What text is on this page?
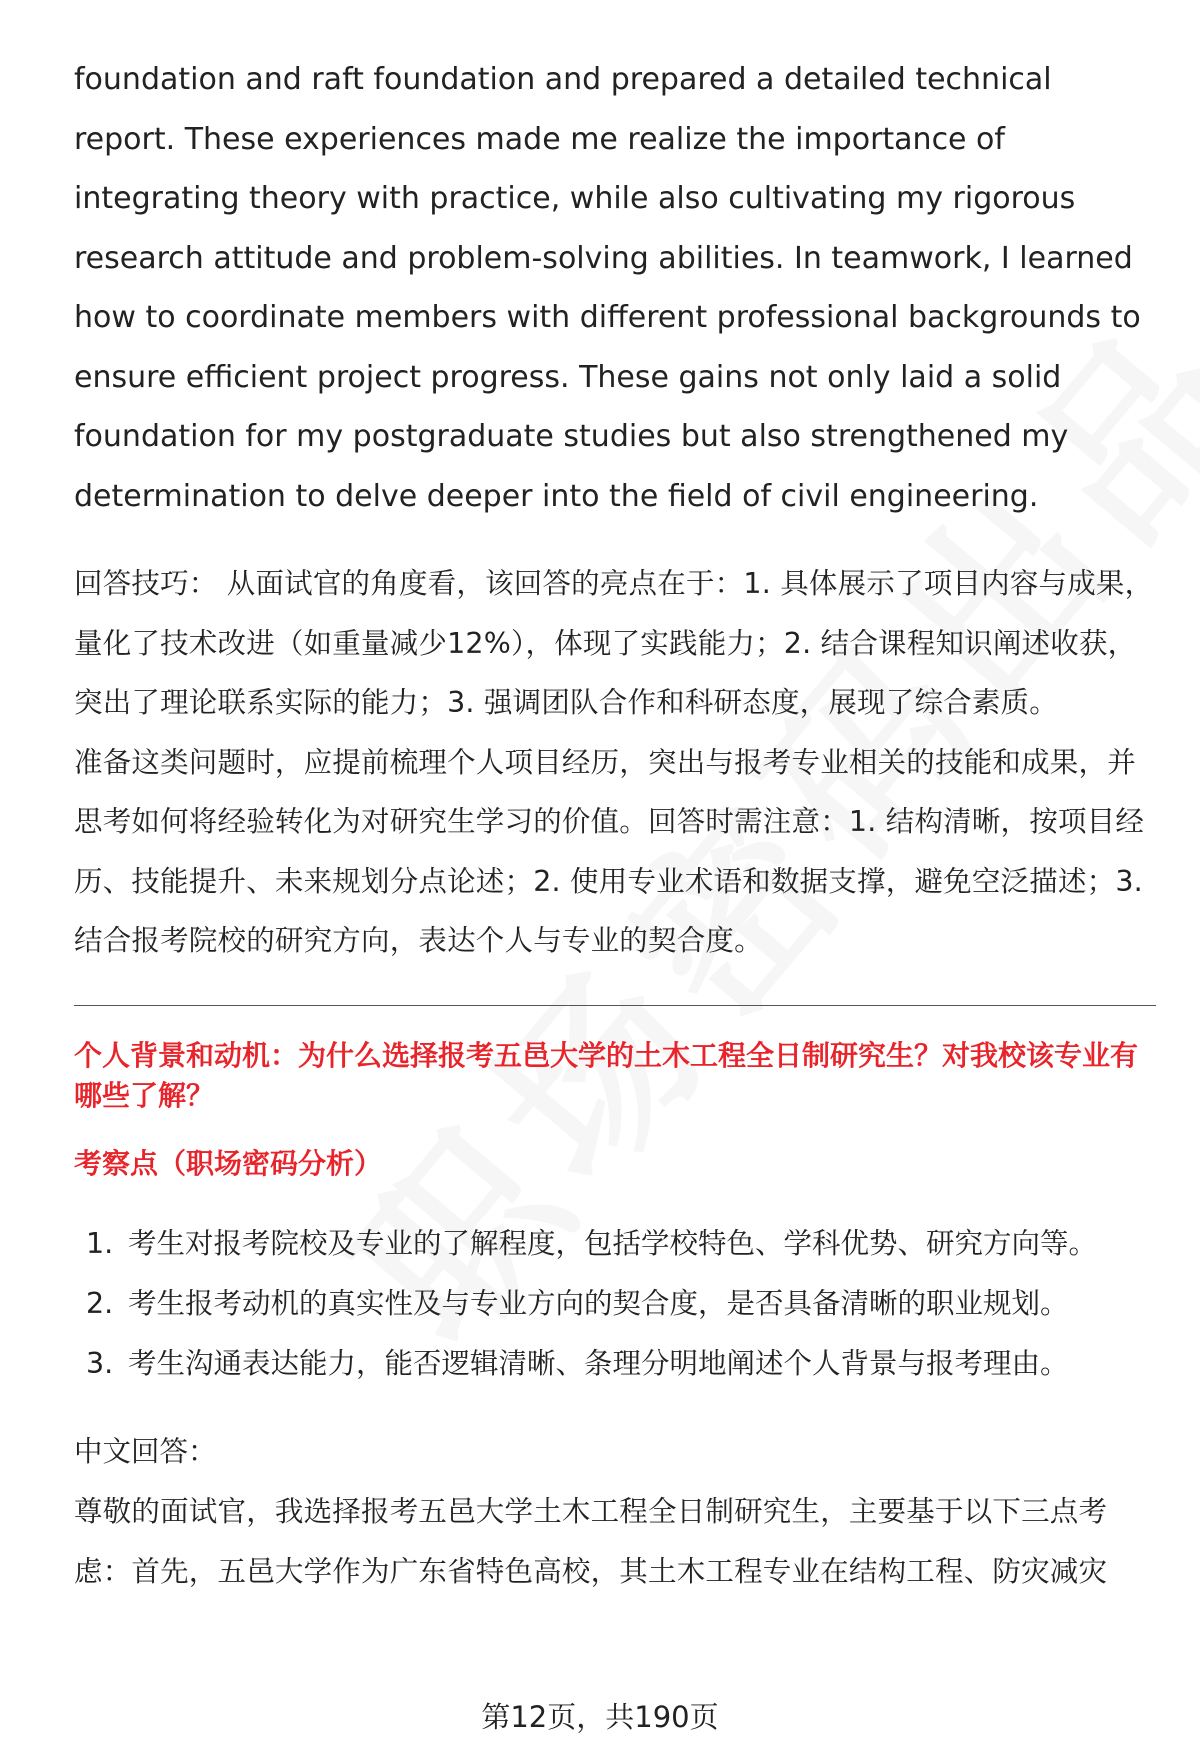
foundation and raft foundation and prepared a detailed technical report. These experiences made me realize the importance of integrating theory with practice, while also cultivating my rigorous research attitude and problem-solving abilities. In teamwork, I learned how to coordinate members with different professional backgrounds to ensure efficient project progress. These gains not only laid a solid foundation for my postgraduate studies but also strengthened my determination to delve deeper into the field of civil engineering.

回答技巧： 从面试官的角度看，该回答的亮点在于：1. 具体展示了项目内容与成果，量化了技术改进（如重量减少12%），体现了实践能力；2. 结合课程知识阐述收获，突出了理论联系实际的能力；3. 强调团队合作和科研态度，展现了综合素质。

准备这类问题时，应提前梳理个人项目经历，突出与报考专业相关的技能和成果，并思考如何将经验转化为对研究生学习的价值。回答时需注意：1. 结构清晰，按项目经历、技能提升、未来规划分点论述；2. 使用专业术语和数据支撑，避免空泛描述；3. 结合报考院校的研究方向，表达个人与专业的契合度。

个人背景和动机：为什么选择报考五邑大学的土木工程全日制研究生？对我校该专业有哪些了解？

考察点（职场密码分析）

1. 考生对报考院校及专业的了解程度，包括学校特色、学科优势、研究方向等。
2. 考生报考动机的真实性及与专业方向的契合度，是否具备清晰的职业规划。
3. 考生沟通表达能力，能否逻辑清晰、条理分明地阐述个人背景与报考理由。

中文回答：

尊敬的面试官，我选择报考五邑大学土木工程全日制研究生，主要基于以下三点考虑：首先，五邑大学作为广东省特色高校，其土木工程专业在结构工程、防灾减灾

第12页，共190页
